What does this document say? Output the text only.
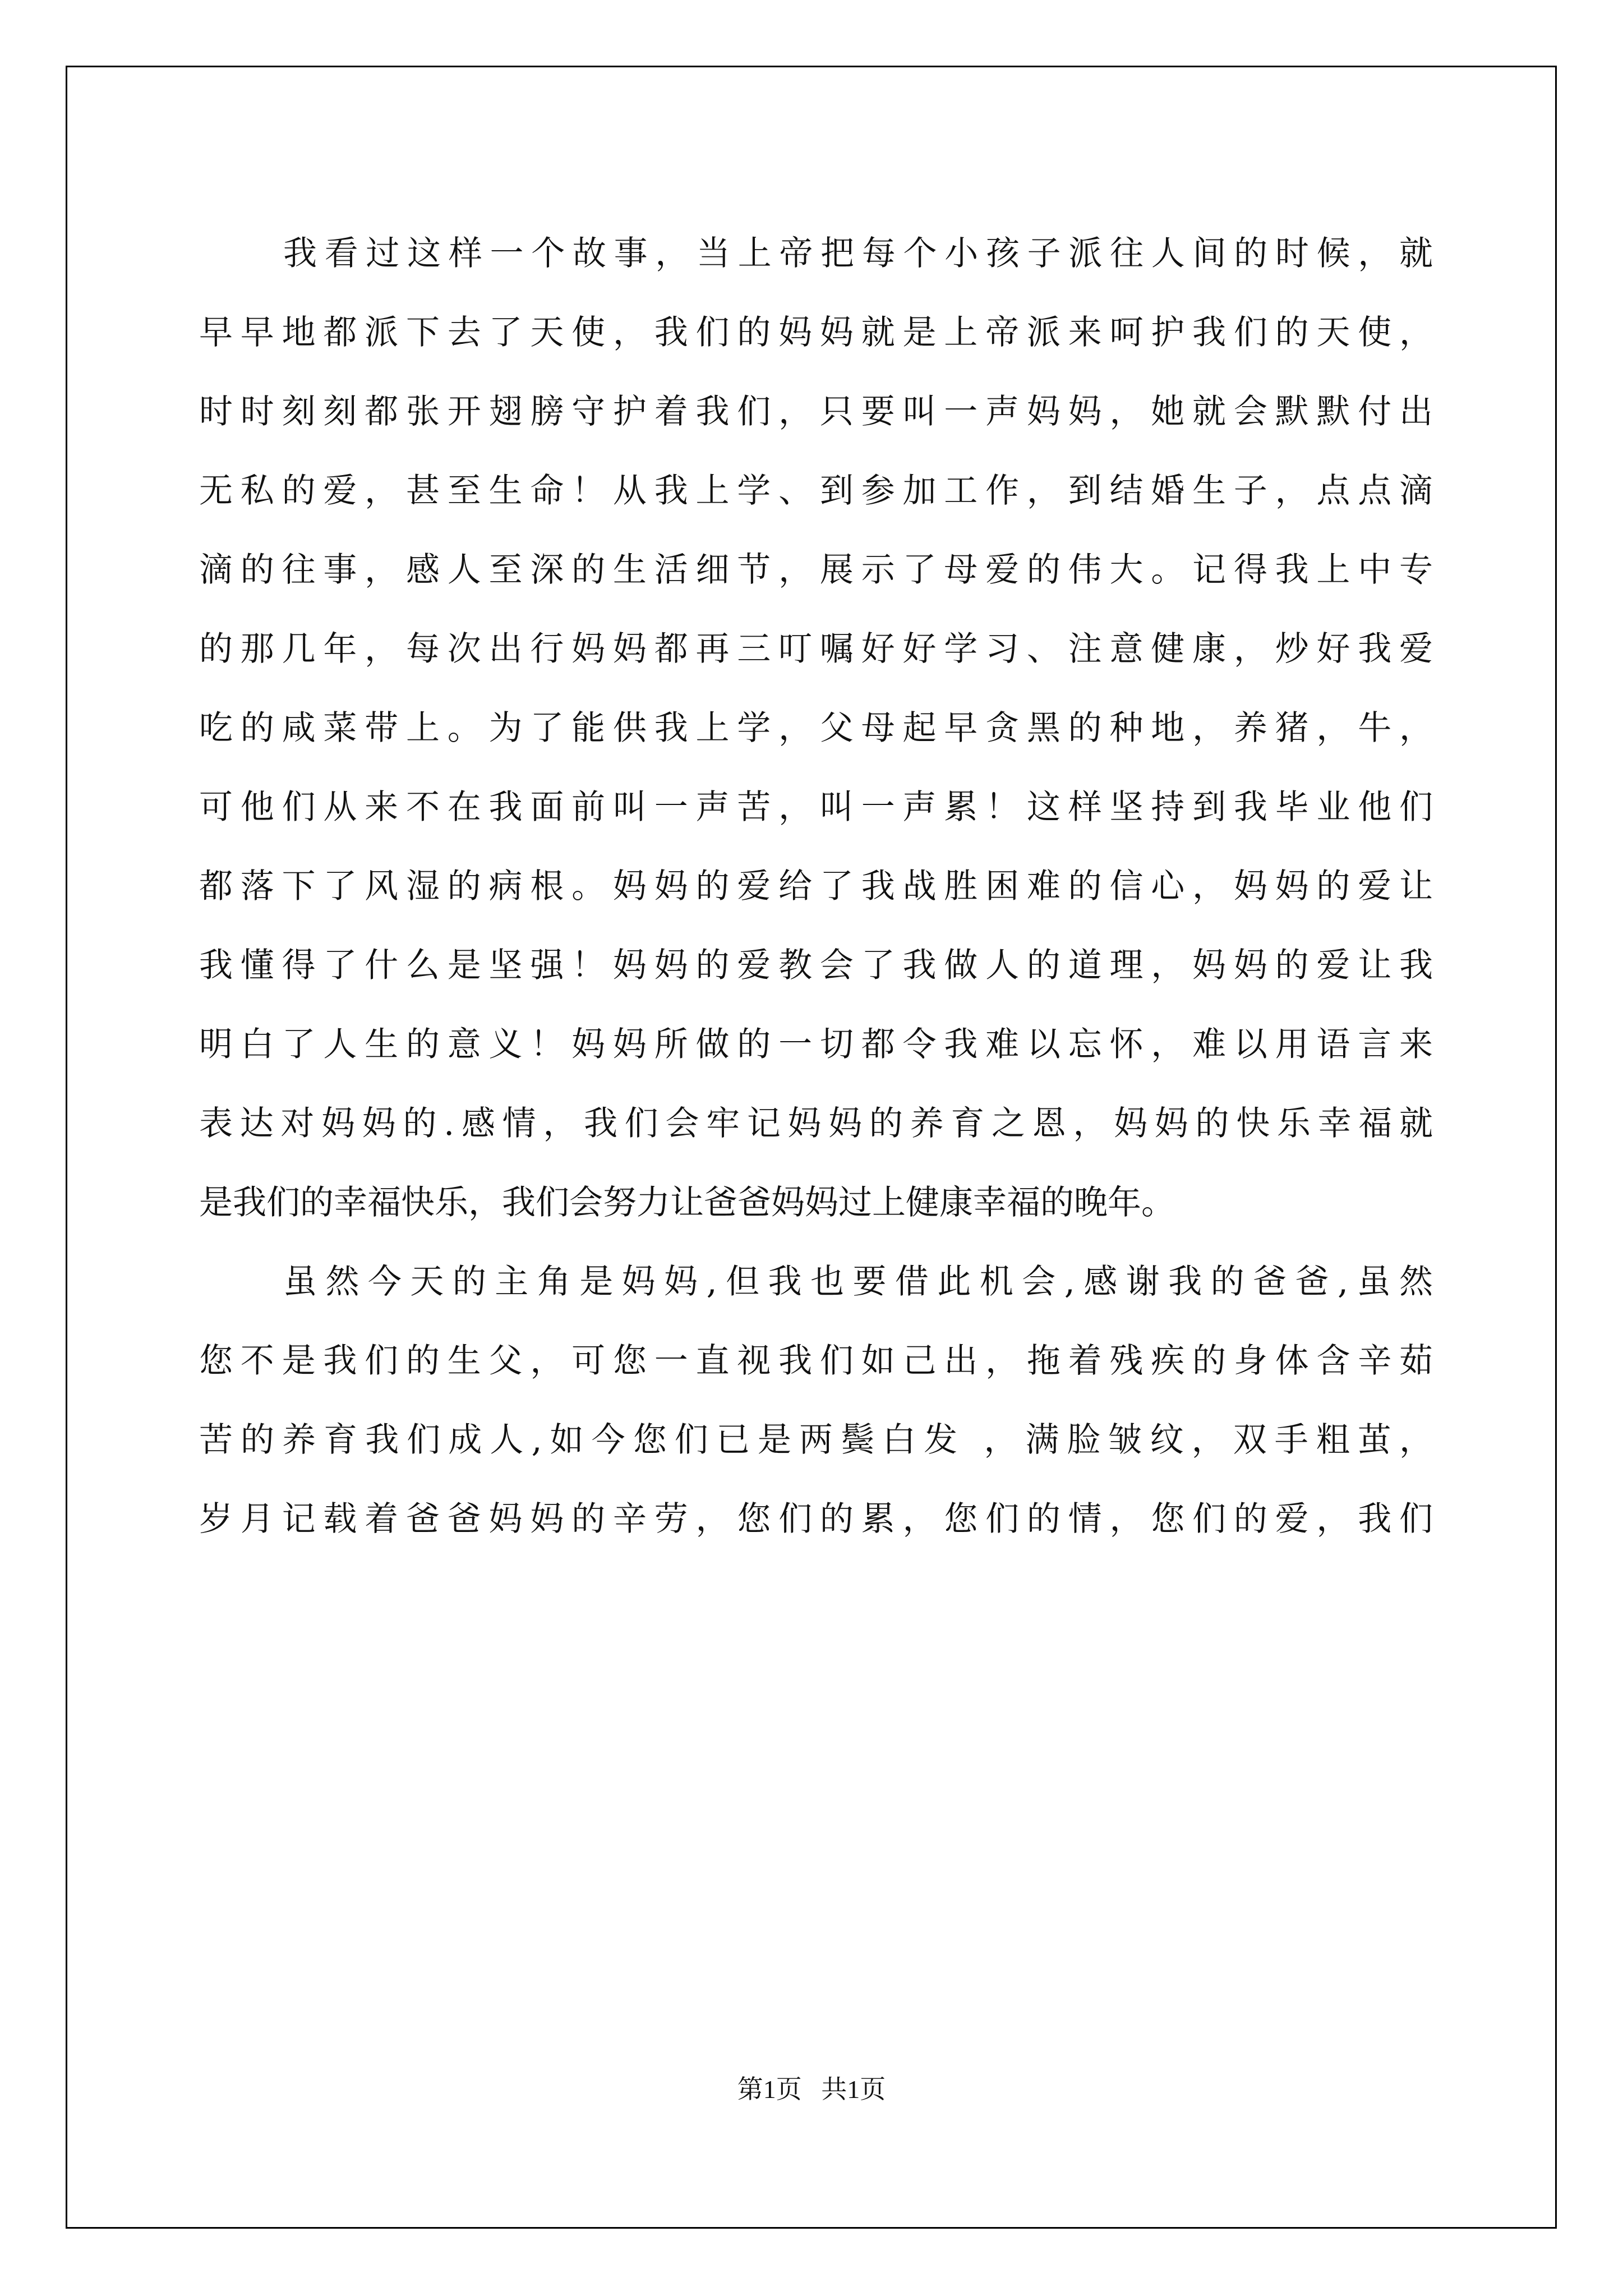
我看过这样一个故事，当上帝把每个小孩子派往人间的时候，就
早早地都派下去了天使，我们的妈妈就是上帝派来呵护我们的天使，
时时刻刻都张开翅膀守护着我们，只要叫一声妈妈，她就会默默付出
无私的爱，甚至生命！从我上学、到参加工作，到结婚生子，点点滴
滴的往事，感人至深的生活细节，展示了母爱的伟大。记得我上中专
的那几年，每次出行妈妈都再三叮嘱好好学习、注意健康，炒好我爱
吃的咸菜带上。为了能供我上学，父母起早贪黑的种地，养猪，牛，
可他们从来不在我面前叫一声苦，叫一声累！这样坚持到我毕业他们
都落下了风湿的病根。妈妈的爱给了我战胜困难的信心，妈妈的爱让
我懂得了什么是坚强！妈妈的爱教会了我做人的道理，妈妈的爱让我
明白了人生的意义！妈妈所做的一切都令我难以忘怀，难以用语言来
表达对妈妈的.感情，我们会牢记妈妈的养育之恩，妈妈的快乐幸福就
是我们的幸福快乐，我们会努力让爸爸妈妈过上健康幸福的晚年。
虽然今天的主角是妈妈,但我也要借此机会,感谢我的爸爸,虽然
您不是我们的生父，可您一直视我们如己出，拖着残疾的身体含辛茹
苦的养育我们成人,如今您们已是两鬓白发 ，满脸皱纹，双手粗茧，
岁月记载着爸爸妈妈的辛劳，您们的累，您们的情，您们的爱，我们
第1页   共1页
